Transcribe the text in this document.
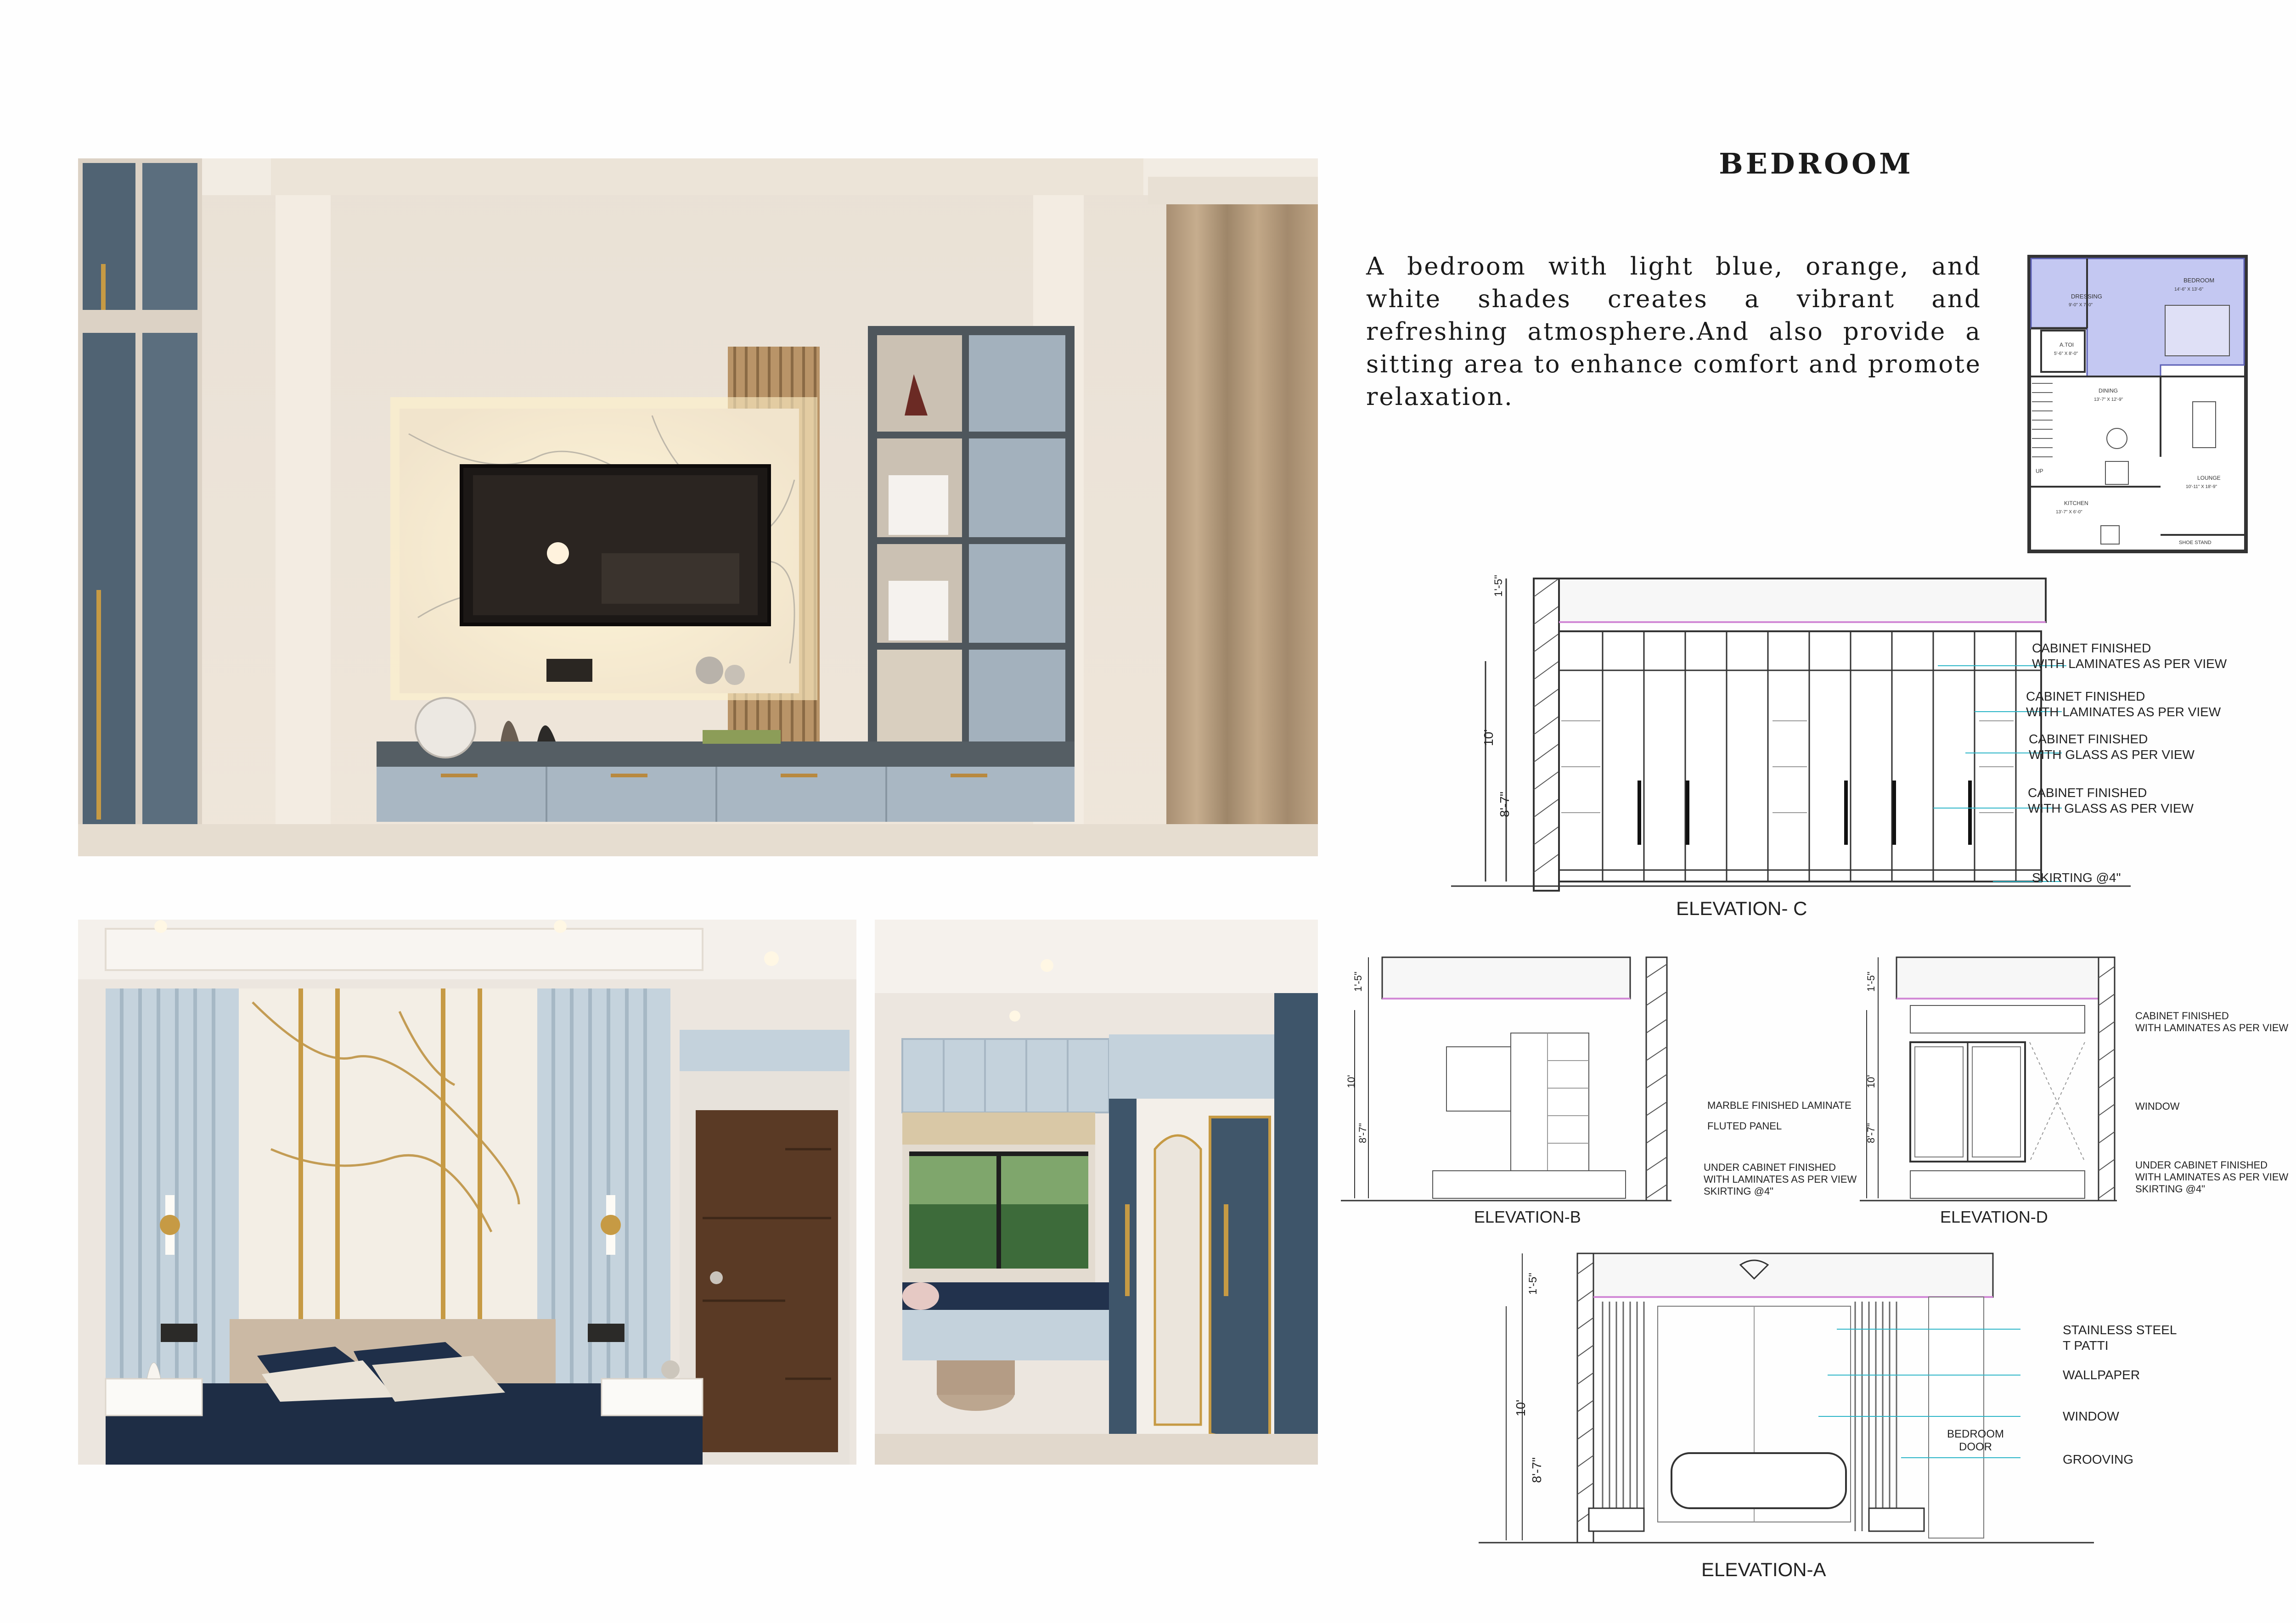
BEDROOM
A bedroom with light blue, orange, and white shades creates a vibrant and refreshing atmosphere.And also provide a sitting area to enhance comfort and promote relaxation.
DRESSING
BEDROOM
A.TOI
DINING
LOUNGE
KITCHEN
SHOE STAND
UP
9'-0" X 7'-0"
14'-6" X 13'-6"
5'-6" X 8'-0"
13'-7" X 12'-9"
10'-11" X 18'-9"
13'-7" X 6'-0"
CABINET FINISHED
WITH LAMINATES AS PER VIEW
CABINET FINISHED
WITH LAMINATES AS PER VIEW
CABINET FINISHED
WITH GLASS AS PER VIEW
CABINET FINISHED
WITH GLASS AS PER VIEW
SKIRTING @4"
1'-5"
10'
8'-7"
ELEVATION- C
MARBLE FINISHED LAMINATE
FLUTED PANEL
UNDER CABINET FINISHED
WITH LAMINATES AS PER VIEW
SKIRTING @4"
1'-5"
10'
8'-7"
ELEVATION-B
CABINET FINISHED
WITH LAMINATES AS PER VIEW
WINDOW
UNDER CABINET FINISHED
WITH LAMINATES AS PER VIEW
SKIRTING @4"
1'-5"
10'
8'-7"
ELEVATION-D
STAINLESS STEEL
T PATTI
WALLPAPER
WINDOW
GROOVING
BEDROOM
DOOR
1'-5"
10'
8'-7"
ELEVATION-A
